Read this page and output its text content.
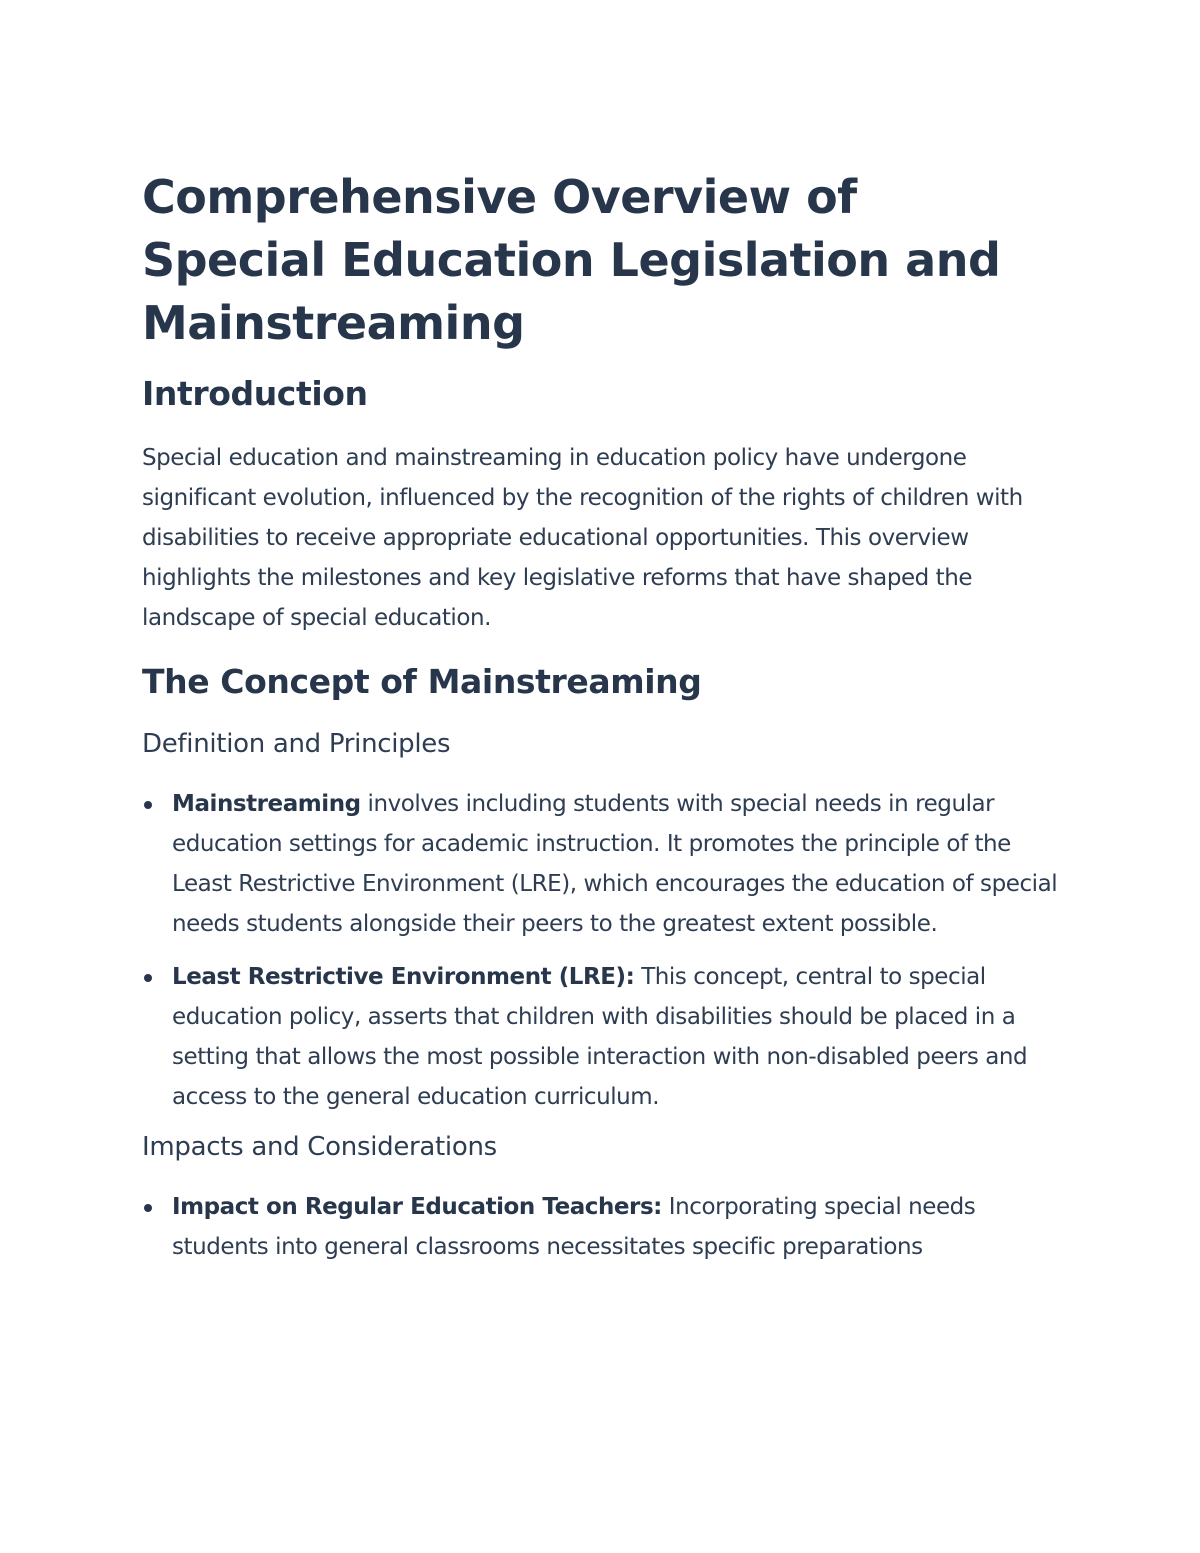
Comprehensive Overview of Special Education Legislation and Mainstreaming
Introduction

Special education and mainstreaming in education policy have undergone significant evolution, influenced by the recognition of the rights of children with disabilities to receive appropriate educational opportunities. This overview highlights the milestones and key legislative reforms that have shaped the landscape of special education.

The Concept of Mainstreaming
Definition and Principles
Mainstreaming involves including students with special needs in regular education settings for academic instruction. It promotes the principle of the Least Restrictive Environment (LRE), which encourages the education of special needs students alongside their peers to the greatest extent possible.
Least Restrictive Environment (LRE): This concept, central to special education policy, asserts that children with disabilities should be placed in a setting that allows the most possible interaction with non-disabled peers and access to the general education curriculum.
Impacts and Considerations
Impact on Regular Education Teachers: Incorporating special needs students into general classrooms necessitates specific preparations
